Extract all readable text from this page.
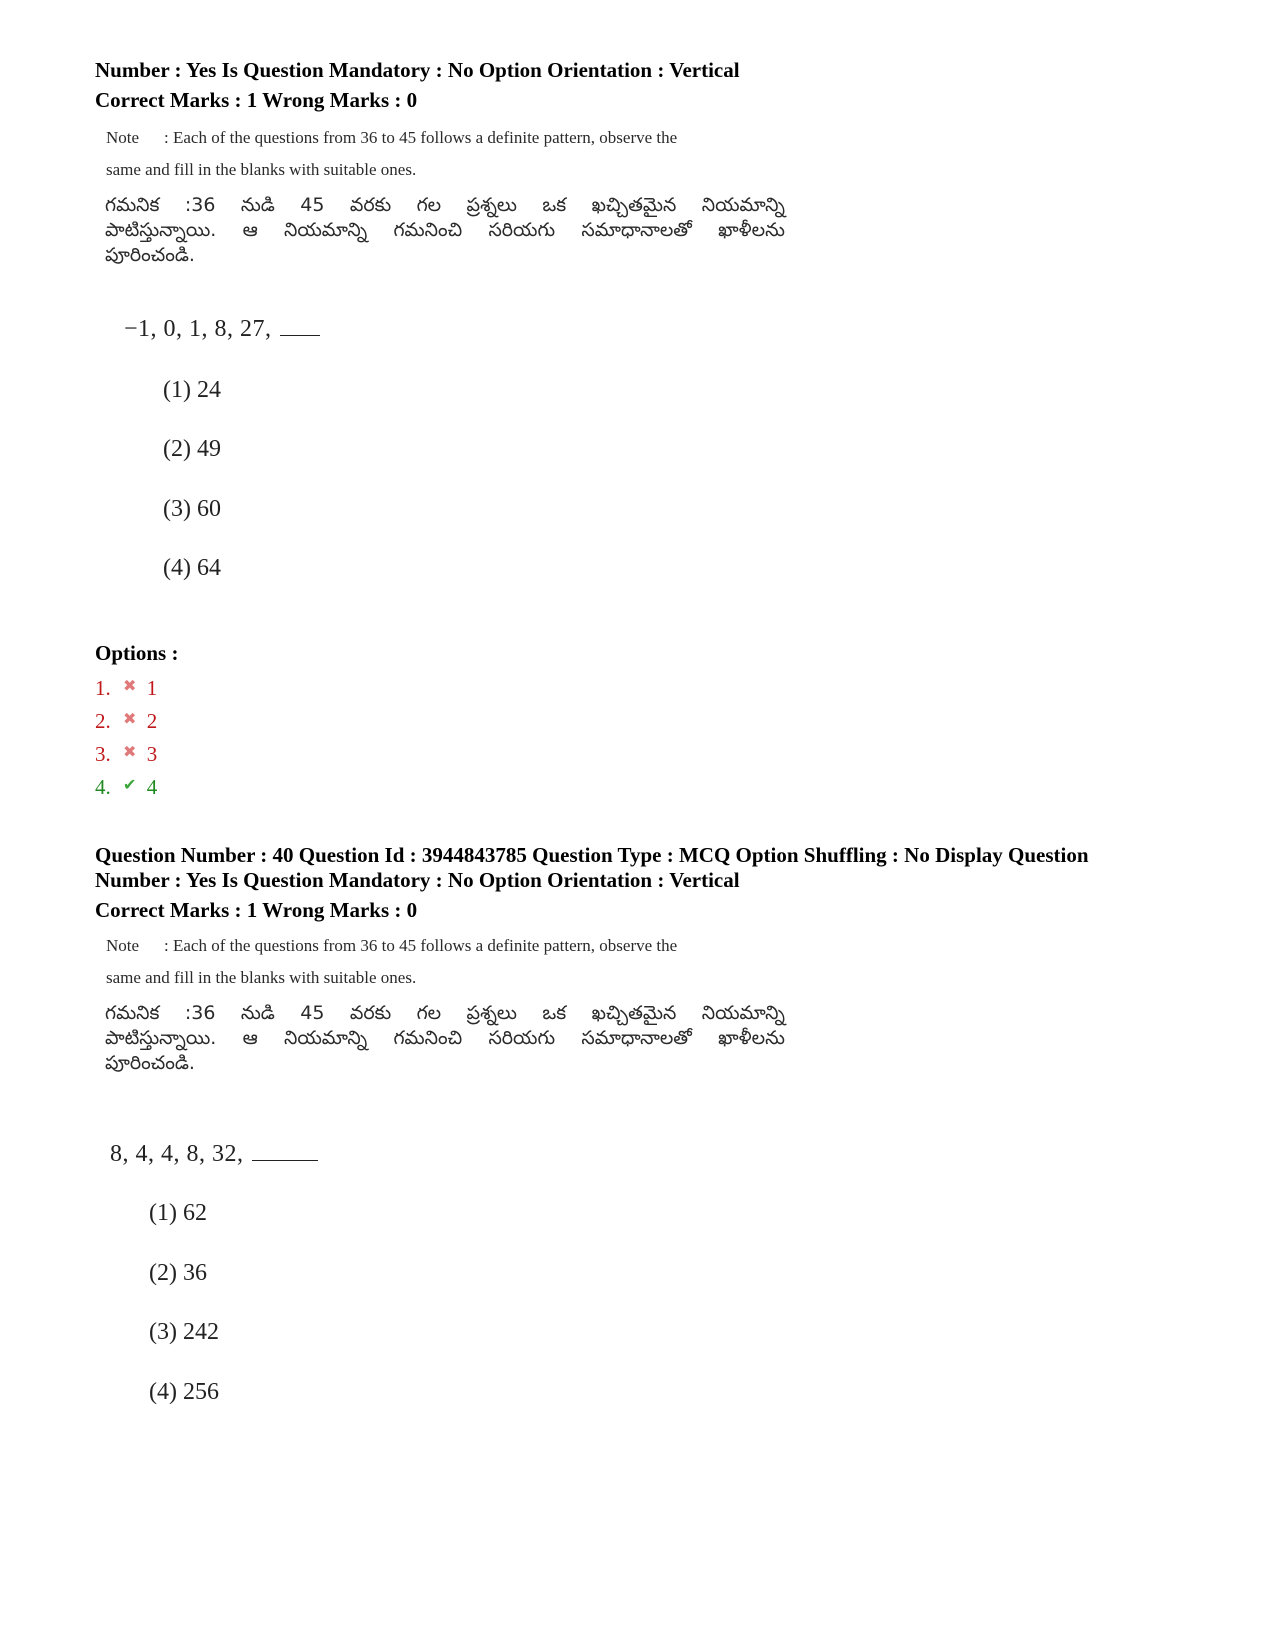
Number : Yes Is Question Mandatory : No Option Orientation : Vertical
Correct Marks : 1 Wrong Marks : 0
Note : Each of the questions from 36 to 45 follows a definite pattern, observe the
same and fill in the blanks with suitable ones.
గమనిక :36 నుడి 45 వరకు గల ప్రశ్నలు ఒక ఖచ్చితమైన నియమాన్ని
పాటిస్తున్నాయి. ఆ నియమాన్ని గమనించి సరియగు సమాధానాలతో ఖాళీలను
పూరించండి.
−1, 0, 1, 8, 27,
(1) 24
(2) 49
(3) 60
(4) 64
Options :
1. ✖ 1
2. ✖ 2
3. ✖ 3
4. ✔ 4
Question Number : 40 Question Id : 3944843785 Question Type : MCQ Option Shuffling : No Display Question
Number : Yes Is Question Mandatory : No Option Orientation : Vertical
Correct Marks : 1 Wrong Marks : 0
Note : Each of the questions from 36 to 45 follows a definite pattern, observe the
same and fill in the blanks with suitable ones.
గమనిక :36 నుడి 45 వరకు గల ప్రశ్నలు ఒక ఖచ్చితమైన నియమాన్ని
పాటిస్తున్నాయి. ఆ నియమాన్ని గమనించి సరియగు సమాధానాలతో ఖాళీలను
పూరించండి.
8, 4, 4, 8, 32,
(1) 62
(2) 36
(3) 242
(4) 256
